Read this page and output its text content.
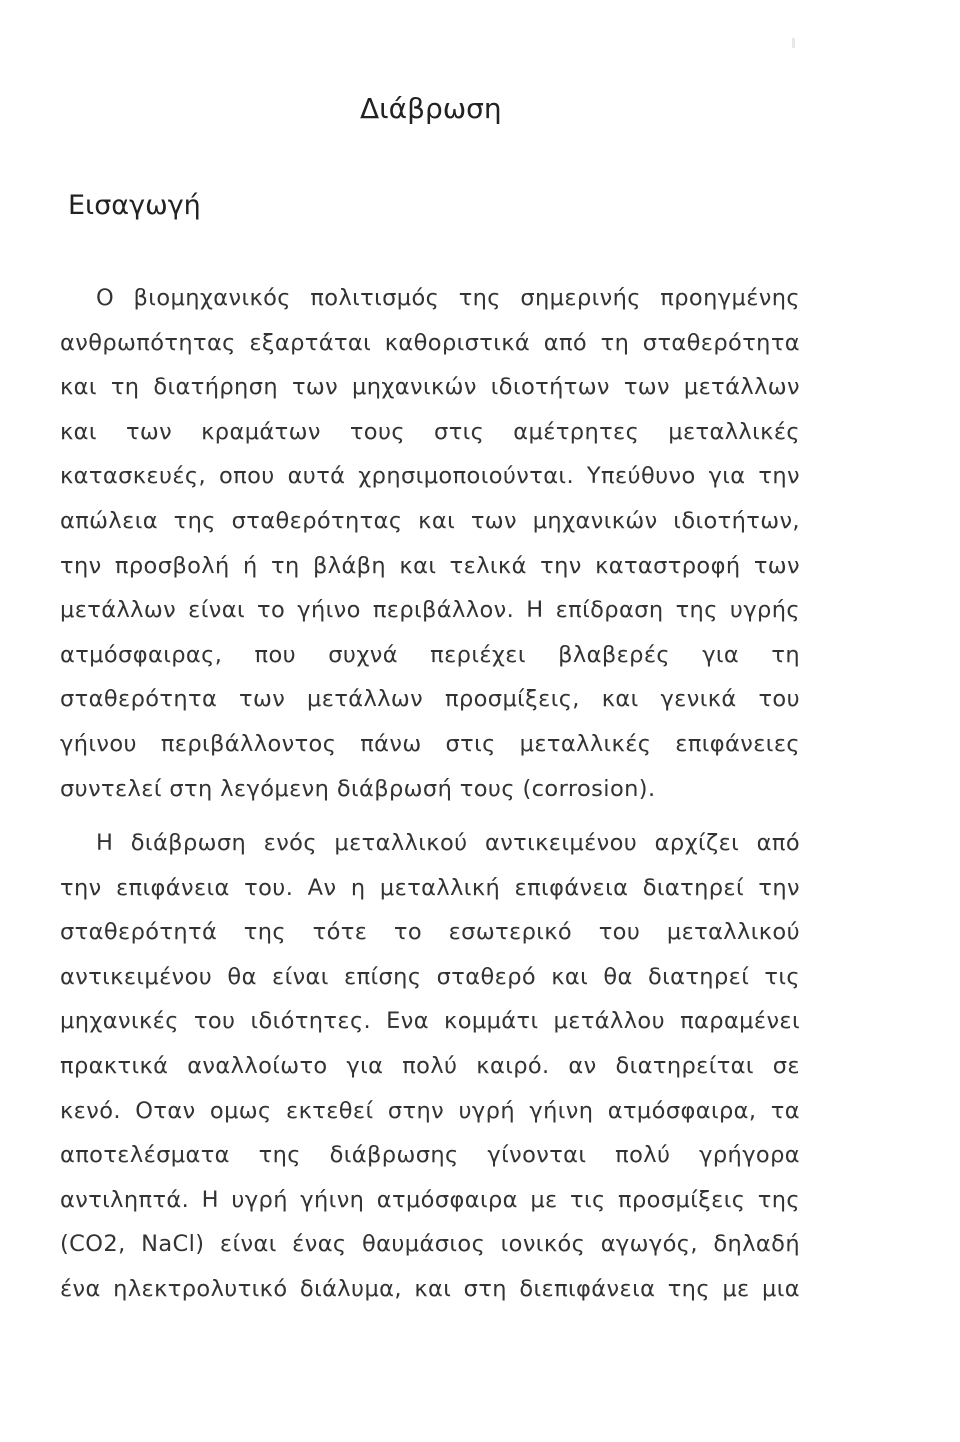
Διάβρωση
Εισαγωγή
Ο βιομηχανικός πολιτισμός της σημερινής προηγμένης
ανθρωπότητας εξαρτάται καθοριστικά από τη σταθερότητα
και τη διατήρηση των μηχανικών ιδιοτήτων των μετάλλων
και των κραμάτων τους στις αμέτρητες μεταλλικές
κατασκευές, οπου αυτά χρησιμοποιούνται. Υπεύθυνο για την
απώλεια της σταθερότητας και των μηχανικών ιδιοτήτων,
την προσβολή ή τη βλάβη και τελικά την καταστροφή των
μετάλλων είναι το γήινο περιβάλλον. Η επίδραση της υγρής
ατμόσφαιρας, που συχνά περιέχει βλαβερές για τη
σταθερότητα των μετάλλων προσμίξεις, και γενικά του
γήινου περιβάλλοντος πάνω στις μεταλλικές επιφάνειες
συντελεί στη λεγόμενη διάβρωσή τους (corrosion).
Η διάβρωση ενός μεταλλικού αντικειμένου αρχίζει από
την επιφάνεια του. Αν η μεταλλική επιφάνεια διατηρεί την
σταθερότητά της τότε το εσωτερικό του μεταλλικού
αντικειμένου θα είναι επίσης σταθερό και θα διατηρεί τις
μηχανικές του ιδιότητες. Ενα κομμάτι μετάλλου παραμένει
πρακτικά αναλλοίωτο για πολύ καιρό. αν διατηρείται σε
κενό. Οταν ομως εκτεθεί στην υγρή γήινη ατμόσφαιρα, τα
αποτελέσματα της διάβρωσης γίνονται πολύ γρήγορα
αντιληπτά. Η υγρή γήινη ατμόσφαιρα με τις προσμίξεις της
(CO2, NaCl) είναι ένας θαυμάσιος ιονικός αγωγός, δηλαδή
ένα ηλεκτρολυτικό διάλυμα, και στη διεπιφάνεια της με μια
